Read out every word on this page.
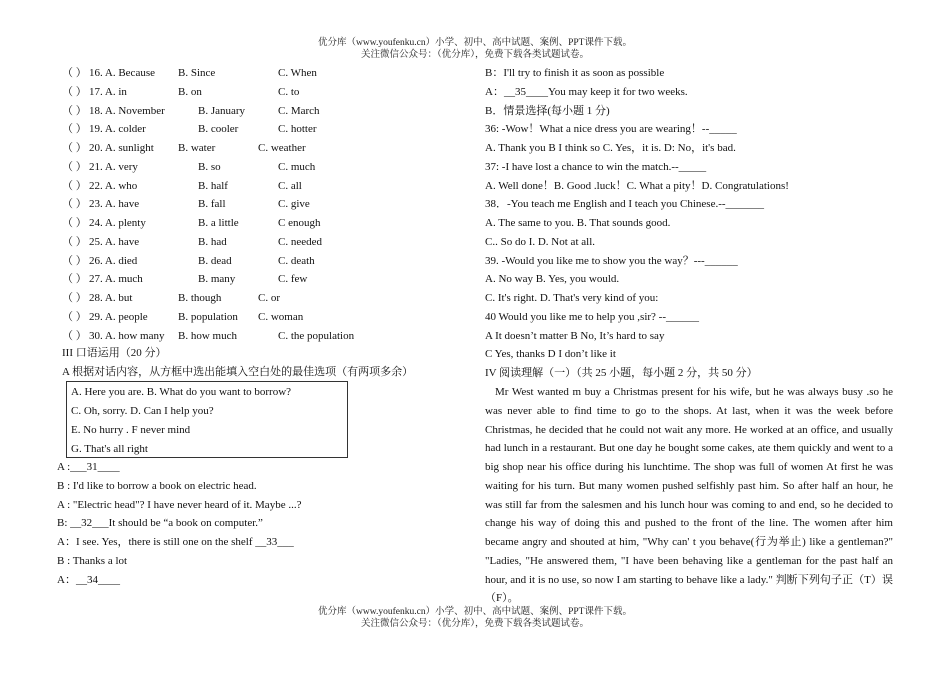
优分库（www.youfenku.cn）小学、初中、高中试题、案例、PPT课件下载。
关注微信公众号：（优分库），免费下载各类试题试卷。
（ ） 16. A. Because B. Since	C. When
（ ） 17. A. in	B. on	C. to
（ ） 18. A. November	B. January	C. March
（ ） 19. A. colder	B. cooler	C. hotter
（ ） 20. A. sunlight B. water	C. weather
（ ） 21. A. very	B. so	C. much
（ ） 22. A. who	B. half	C. all
（ ） 23. A. have	B. fall	C. give
（ ） 24. A. plenty	B. a little	C enough
（ ） 25. A. have	B. had	C. needed
（ ） 26. A. died	B. dead	C. death
（ ） 27. A. much	B. many	C. few
（ ） 28. A. but	B. though	C. or
（ ） 29. A. people	B. population C. woman
（ ） 30. A. how many B. how much	C. the population
III 口语运用（20 分）
A 根据对话内容，从方框中选出能填入空白处的最佳选项（有两项多余）
A. Here you are. B. What do you want to borrow?
C. Oh, sorry. D. Can I help you?
E. No hurry . F never mind
G. That's all right
A :___31____
B : I'd like to borrow a book on electric head.
A : "Electric head"? I have never heard of it. Maybe ...?
B: __32___It should be “a book on computer.”
A：I see. Yes，there is still one on the shelf __33___
B : Thanks a lot
A：__34____
B：I'll try to finish it as soon as possible
A：__35____You may keep it for two weeks.
B．情景选择(每小题 1 分)
36: -Wow！What a nice dress you are wearing！--_____
A. Thank you B I think so C. Yes，it is. D: No，it's bad.
37: -I have lost a chance to win the match.--_____
A. Well done！B. Good .luck！C. What a pity！D. Congratulations!
38．-You teach me English and I teach you Chinese.--_______
A. The same to you. B. That sounds good.
C.. So do I. D. Not at all.
39. -Would you like me to show you the way？---______
A. No way B. Yes, you would.
C. It's right. D. That's very kind of you:
40 Would you like me to help you ,sir? --______
A It doesn’t matter B No, It’s hard to say
C Yes, thanks D I don’t like it
IV 阅读理解（一）（共 25 小题，每小题 2 分，共 50 分）
Mr West wanted m buy a Christmas present for his wife, but he was always busy .so he was never able to find time to go to the shops. At last, when it was the week before Christmas, he decided that he could not wait any more. He worked at an office, and usually had lunch in a restaurant. But one day he bought some cakes, ate them quickly and went to a big shop near his office during his lunchtime. The shop was full of women At first he was waiting for his turn. But many women pushed selfishly past him. So after half an hour, he was still far from the salesmen and his lunch hour was coming to and end, so he decided to change his way of doing this and pushed to the front of the line. The women after him became angry and shouted at him, "Why can' t you behave(行为举止) like a gentleman?" "Ladies, "He answered them, "I have been behaving like a gentleman for the past half an hour, and it is no use, so now I am starting to behave like a lady." 判断下列句子正（T）误（F）。
优分库（www.youfenku.cn）小学、初中、高中试题、案例、PPT课件下载。
关注微信公众号：（优分库），免费下载各类试题试卷。
